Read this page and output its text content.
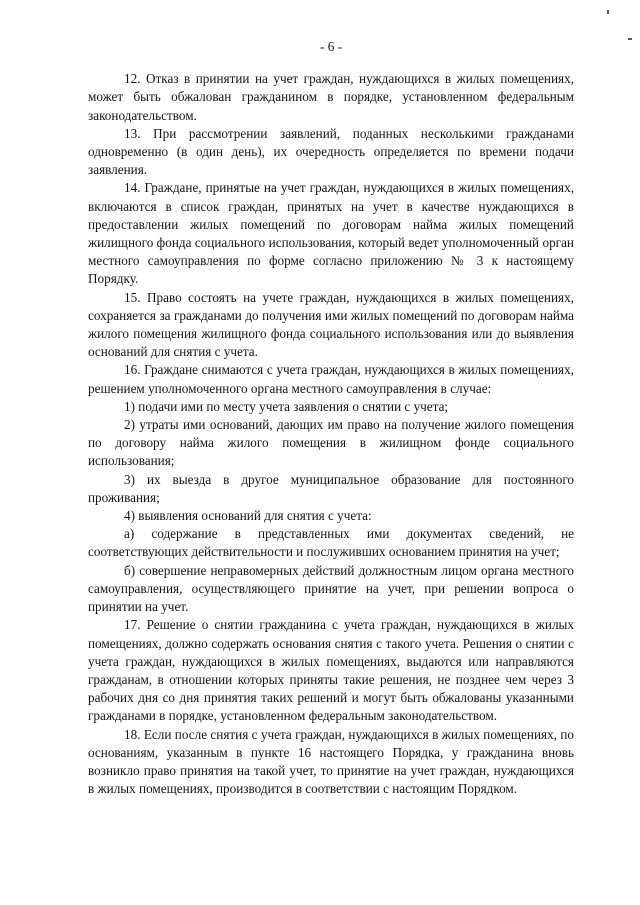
- 6 -

12. Отказ в принятии на учет граждан, нуждающихся в жилых помещениях, может быть обжалован гражданином в порядке, установленном федеральным законодательством.

13. При рассмотрении заявлений, поданных несколькими гражданами одновременно (в один день), их очередность определяется по времени подачи заявления.

14. Граждане, принятые на учет граждан, нуждающихся в жилых помещениях, включаются в список граждан, принятых на учет в качестве нуждающихся в предоставлении жилых помещений по договорам найма жилых помещений жилищного фонда социального использования, который ведет уполномоченный орган местного самоуправления по форме согласно приложению № 3 к настоящему Порядку.

15. Право состоять на учете граждан, нуждающихся в жилых помещениях, сохраняется за гражданами до получения ими жилых помещений по договорам найма жилого помещения жилищного фонда социального использования или до выявления оснований для снятия с учета.

16. Граждане снимаются с учета граждан, нуждающихся в жилых помещениях, решением уполномоченного органа местного самоуправления в случае:

1) подачи ими по месту учета заявления о снятии с учета;

2) утраты ими оснований, дающих им право на получение жилого помещения по договору найма жилого помещения в жилищном фонде социального использования;

3) их выезда в другое муниципальное образование для постоянного проживания;

4) выявления оснований для снятия с учета:

а) содержание в представленных ими документах сведений, не соответствующих действительности и послуживших основанием принятия на учет;

б) совершение неправомерных действий должностным лицом органа местного самоуправления, осуществляющего принятие на учет, при решении вопроса о принятии на учет.

17. Решение о снятии гражданина с учета граждан, нуждающихся в жилых помещениях, должно содержать основания снятия с такого учета. Решения о снятии с учета граждан, нуждающихся в жилых помещениях, выдаются или направляются гражданам, в отношении которых приняты такие решения, не позднее чем через 3 рабочих дня со дня принятия таких решений и могут быть обжалованы указанными гражданами в порядке, установленном федеральным законодательством.

18. Если после снятия с учета граждан, нуждающихся в жилых помещениях, по основаниям, указанным в пункте 16 настоящего Порядка, у гражданина вновь возникло право принятия на такой учет, то принятие на учет граждан, нуждающихся в жилых помещениях, производится в соответствии с настоящим Порядком.
